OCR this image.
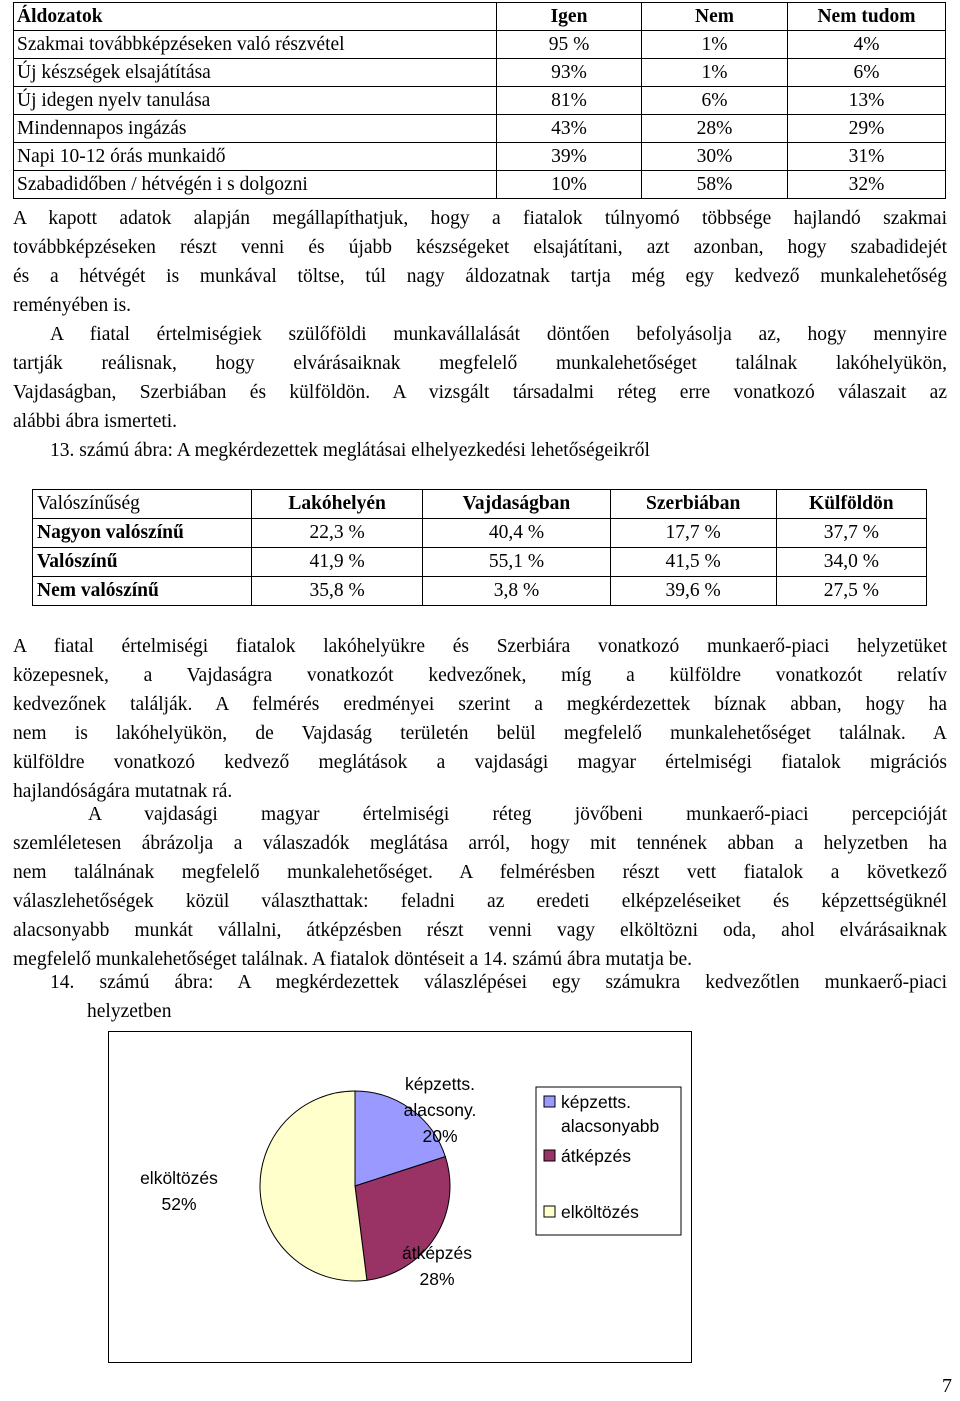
Áldozatok	Igen	Nem	Nem tudom
Szakmai továbbképzéseken való részvétel	95 %	1%	4%
Új készségek elsajátítása	93%	1%	6%
Új idegen nyelv tanulása	81%	6%	13%
Mindennapos ingázás	43%	28%	29%
Napi 10-12 órás munkaidő	39%	30%	31%
Szabadidőben / hétvégén i s dolgozni	10%	58%	32%
A kapott adatok alapján megállapíthatjuk, hogy a fiatalok túlnyomó többsége hajlandó szakmai
továbbképzéseken részt venni és újabb készségeket elsajátítani, azt azonban, hogy szabadidejét
és a hétvégét is munkával töltse, túl nagy áldozatnak tartja még egy kedvező munkalehetőség
reményében is.
A fiatal értelmiségiek szülőföldi munkavállalását döntően befolyásolja az, hogy mennyire
tartják reálisnak, hogy elvárásaiknak megfelelő munkalehetőséget találnak lakóhelyükön,
Vajdaságban, Szerbiában és külföldön. A vizsgált társadalmi réteg erre vonatkozó válaszait az
alábbi ábra ismerteti.
13. számú ábra: A megkérdezettek meglátásai elhelyezkedési lehetőségeikről
Valószínűség	Lakóhelyén	Vajdaságban	Szerbiában	Külföldön
Nagyon valószínű	22,3 %	40,4 %	17,7 %	37,7 %
Valószínű	41,9 %	55,1 %	41,5 %	34,0 %
Nem valószínű	35,8 %	3,8 %	39,6 %	27,5 %
A fiatal értelmiségi fiatalok lakóhelyükre és Szerbiára vonatkozó munkaerő-piaci helyzetüket
közepesnek, a Vajdaságra vonatkozót kedvezőnek, míg a külföldre vonatkozót relatív
kedvezőnek találják. A felmérés eredményei szerint a megkérdezettek bíznak abban, hogy ha
nem is lakóhelyükön, de Vajdaság területén belül megfelelő munkalehetőséget találnak. A
külföldre vonatkozó kedvező meglátások a vajdasági magyar értelmiségi fiatalok migrációs
hajlandóságára mutatnak rá.
A vajdasági magyar értelmiségi réteg jövőbeni munkaerő-piaci percepcióját
szemléletesen ábrázolja a válaszadók meglátása arról, hogy mit tennének abban a helyzetben ha
nem találnának megfelelő munkalehetőséget. A felmérésben részt vett fiatalok a következő
válaszlehetőségek közül választhattak: feladni az eredeti elképzeléseiket és képzettségüknél
alacsonyabb munkát vállalni, átképzésben részt venni vagy elköltözni oda, ahol elvárásaiknak
megfelelő munkalehetőséget találnak. A fiatalok döntéseit a 14. számú ábra mutatja be.
14. számú ábra: A megkérdezettek válaszlépései egy számukra kedvezőtlen munkaerő-piaci
helyzetben
képzetts.
alacsony.
20%
átképzés
28%
elköltözés
52%
képzetts.
alacsonyabb
átképzés
elköltözés
7
